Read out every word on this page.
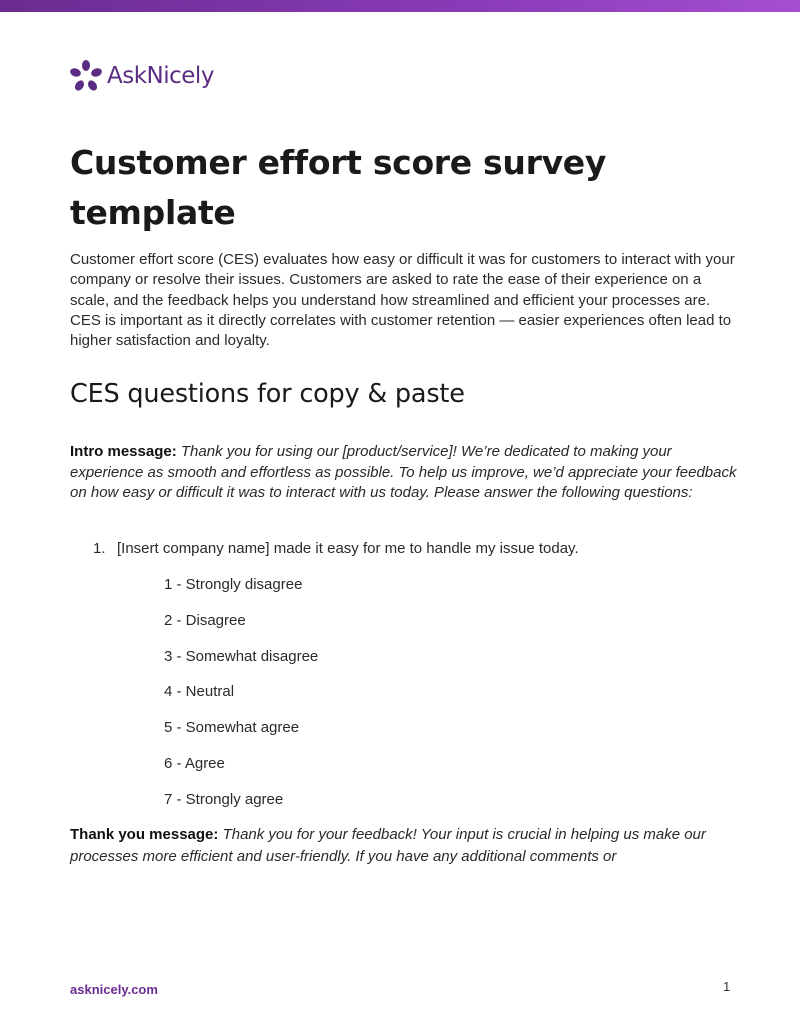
AskNicely
Customer effort score survey template

Customer effort score (CES) evaluates how easy or difficult it was for customers to interact with your company or resolve their issues. Customers are asked to rate the ease of their experience on a scale, and the feedback helps you understand how streamlined and efficient your processes are. CES is important as it directly correlates with customer retention — easier experiences often lead to higher satisfaction and loyalty.

CES questions for copy & paste

Intro message: Thank you for using our [product/service]! We’re dedicated to making your experience as smooth and effortless as possible. To help us improve, we’d appreciate your feedback on how easy or difficult it was to interact with us today. Please answer the following questions:

1. [Insert company name] made it easy for me to handle my issue today.

1 - Strongly disagree
2 - Disagree
3 - Somewhat disagree
4 - Neutral
5 - Somewhat agree
6 - Agree
7 - Strongly agree

Thank you message: Thank you for your feedback! Your input is crucial in helping us make our processes more efficient and user-friendly. If you have any additional comments or

asknicely.com	1
